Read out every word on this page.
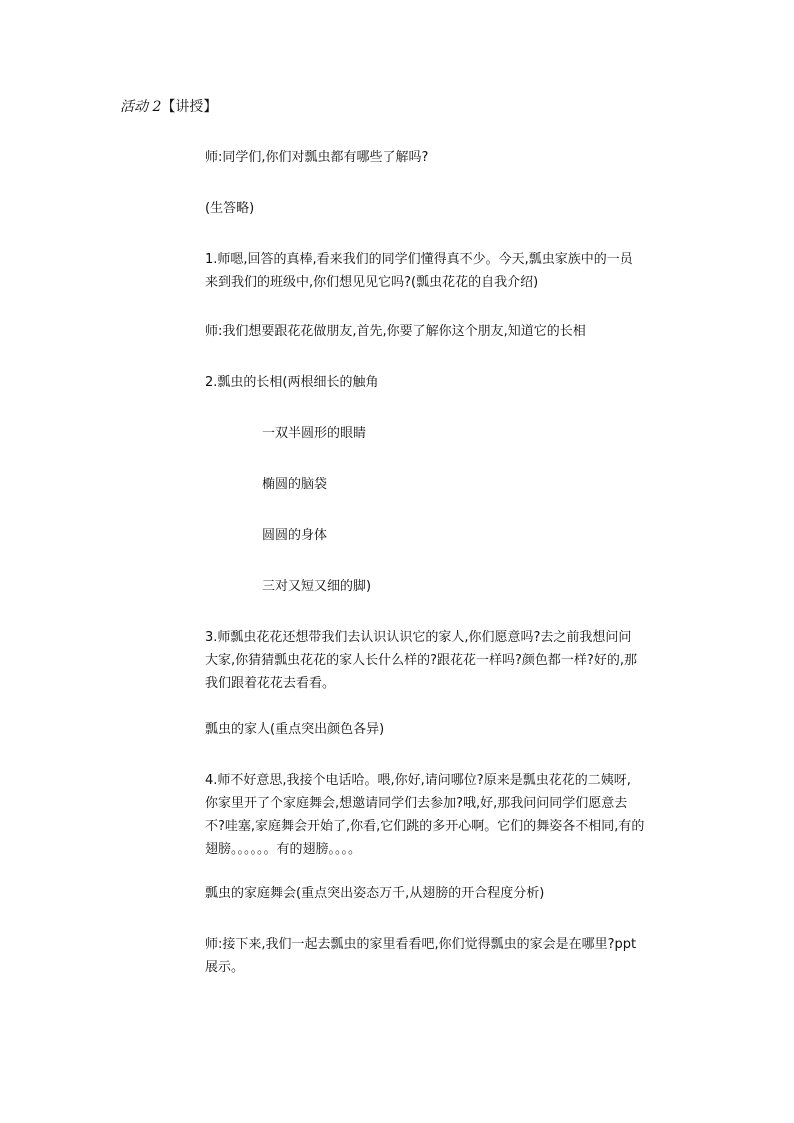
活动 2【讲授】
师:同学们,你们对瓢虫都有哪些了解吗?
(生答略)
1.师嗯,回答的真棒,看来我们的同学们懂得真不少。今天,瓢虫家族中的一员
来到我们的班级中,你们想见见它吗?(瓢虫花花的自我介绍)
师:我们想要跟花花做朋友,首先,你要了解你这个朋友,知道它的长相
2.瓢虫的长相(两根细长的触角
一双半圆形的眼睛
椭圆的脑袋
圆圆的身体
三对又短又细的脚)
3.师瓢虫花花还想带我们去认识认识它的家人,你们愿意吗?去之前我想问问
大家,你猜猜瓢虫花花的家人长什么样的?跟花花一样吗?颜色都一样?好的,那
我们跟着花花去看看。
瓢虫的家人(重点突出颜色各异)
4.师不好意思,我接个电话哈。喂,你好,请问哪位?原来是瓢虫花花的二姨呀,
你家里开了个家庭舞会,想邀请同学们去参加?哦,好,那我问问同学们愿意去
不?哇塞,家庭舞会开始了,你看,它们跳的多开心啊。它们的舞姿各不相同,有的
翅膀。。。。。。有的翅膀。。。。
瓢虫的家庭舞会(重点突出姿态万千,从翅膀的开合程度分析)
师:接下来,我们一起去瓢虫的家里看看吧,你们觉得瓢虫的家会是在哪里?ppt
展示。
